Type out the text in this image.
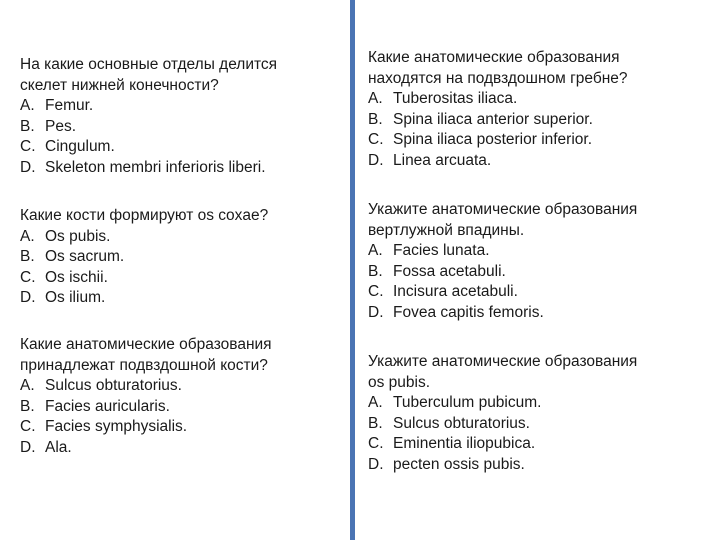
На какие основные отделы делится
скелет нижней конечности?
A. Femur.
B. Pes.
C. Cingulum.
D. Skeleton membri inferioris liberi.
Какие кости формируют os coxae?
A. Os pubis.
B. Os sacrum.
C. Os ischii.
D. Os ilium.
Какие анатомические образования
принадлежат подвздошной кости?
A. Sulcus obturatorius.
B. Facies auricularis.
C. Facies symphysialis.
D. Ala.
Какие анатомические образования
находятся на подвздошном гребне?
A. Tuberositas iliaca.
B. Spina iliaca anterior superior.
C. Spina iliaca posterior inferior.
D. Linea arcuata.
Укажите анатомические образования
вертлужной впадины.
A. Facies lunata.
B. Fossa acetabuli.
C. Incisura acetabuli.
D. Fovea capitis femoris.
Укажите анатомические образования
os pubis.
A. Tuberculum pubicum.
B. Sulcus obturatorius.
C. Eminentia iliopubica.
D. pecten ossis pubis.
